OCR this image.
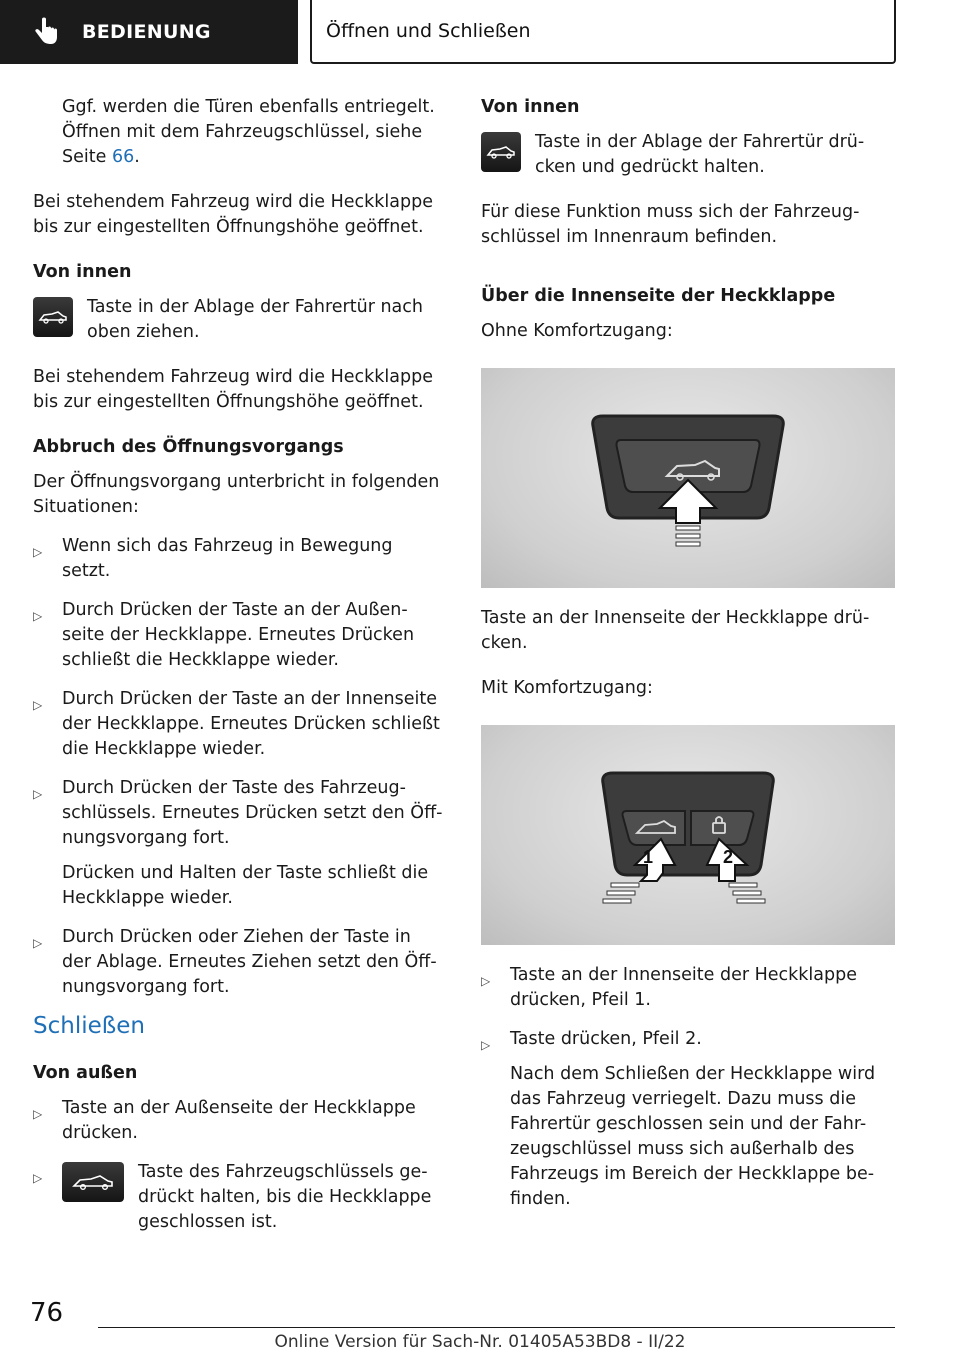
BEDIENUNG	Öffnen und Schließen

Ggf. werden die Türen ebenfalls entriegelt. Öffnen mit dem Fahrzeugschlüssel, siehe Seite 66.

Bei stehendem Fahrzeug wird die Heckklappe bis zur eingestellten Öffnungshöhe geöffnet.

Von innen
Taste in der Ablage der Fahrertür nach oben ziehen.

Bei stehendem Fahrzeug wird die Heckklappe bis zur eingestellten Öffnungshöhe geöffnet.

Abbruch des Öffnungsvorgangs

Der Öffnungsvorgang unterbricht in folgenden Situationen:

▷ Wenn sich das Fahrzeug in Bewegung setzt.
▷ Durch Drücken der Taste an der Außen- seite der Heckklappe. Erneutes Drücken schließt die Heckklappe wieder.
▷ Durch Drücken der Taste an der Innenseite der Heckklappe. Erneutes Drücken schließt die Heckklappe wieder.
▷ Durch Drücken der Taste des Fahrzeug- schlüssels. Erneutes Drücken setzt den Öff- nungsvorgang fort.
Drücken und Halten der Taste schließt die Heckklappe wieder.
▷ Durch Drücken oder Ziehen der Taste in der Ablage. Erneutes Ziehen setzt den Öff- nungsvorgang fort.
Schließen
Von außen
▷ Taste an der Außenseite der Heckklappe drücken.
▷	Taste des Fahrzeugschlüssels ge- drückt halten, bis die Heckklappe geschlossen ist.
Von innen
Taste in der Ablage der Fahrertür drü- cken und gedrückt halten.

Für diese Funktion muss sich der Fahrzeug- schlüssel im Innenraum befinden.

Über die Innenseite der Heckklappe

Ohne Komfortzugang:

Taste an der Innenseite der Heckklappe drü- cken.

Mit Komfortzugang:

1	2
▷ Taste an der Innenseite der Heckklappe drücken, Pfeil 1.
▷ Taste drücken, Pfeil 2.
Nach dem Schließen der Heckklappe wird das Fahrzeug verriegelt. Dazu muss die Fahrertür geschlossen sein und der Fahr- zeugschlüssel muss sich außerhalb des Fahrzeugs im Bereich der Heckklappe be- finden.
76
Online Version für Sach-Nr. 01405A53BD8 - II/22
